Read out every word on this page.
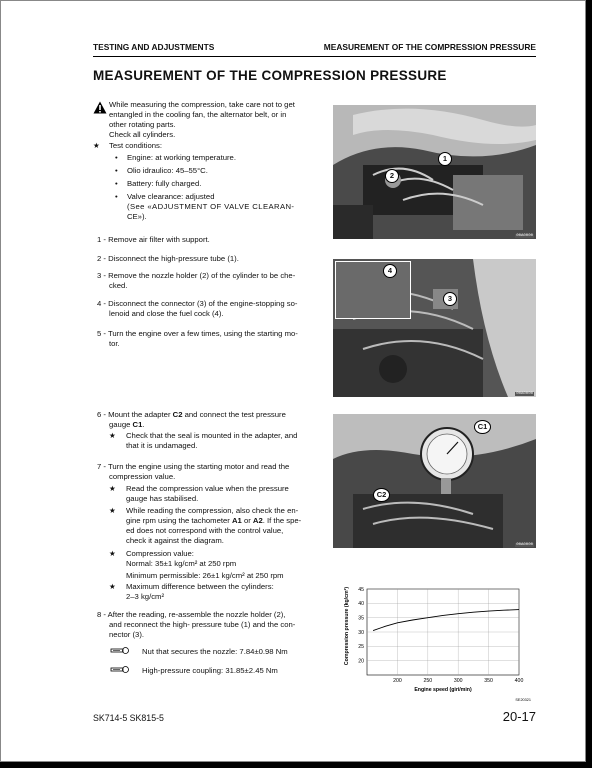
TESTING AND ADJUSTMENTS	MEASUREMENT OF THE COMPRESSION PRESSURE
MEASUREMENT OF THE COMPRESSION PRESSURE
While measuring the compression, take care not to get
entangled in the cooling fan, the alternator belt, or in
other rotating parts.
Check all cylinders.
★ Test conditions:
• Engine: at working temperature.
• Olio idraulico: 45–55°C.
• Battery: fully charged.
• Valve clearance: adjusted
(See «ADJUSTMENT OF VALVE CLEARAN-
CE»).
1 - Remove air filter with support.
2 - Disconnect the high-pressure tube (1).
3 - Remove the nozzle holder (2) of the cylinder to be che-
cked.
4 - Disconnect the connector (3) of the engine-stopping so-
lenoid and close the fuel cock (4).
5 - Turn the engine over a few times, using the starting mo-
tor.
6 - Mount the adapter C2 and connect the test pressure
gauge C1.
★ Check that the seal is mounted in the adapter, and
that it is undamaged.
7 - Turn the engine using the starting motor and read the
compression value.
★ Read the compression value when the pressure
gauge has stabilised.
★ While reading the compression, also check the en-
gine rpm using the tachometer A1 or A2. If the spe-
ed does not correspond with the control value,
check it against the diagram.
★ Compression value:
Normal: 35±1 kg/cm² at 250 rpm
Minimum permissible: 26±1 kg/cm² at 250 rpm
★ Maximum difference between the cylinders:
2–3 kg/cm²
8 - After the reading, re-assemble the nozzle holder (2),
and reconnect the high- pressure tube (1) and the con-
nector (3).
Nut that secures the nozzle: 7.84±0.98 Nm
High-pressure coupling: 31.85±2.45 Nm
00A0000
1
2
00A0000
4
3
00A0000
C1
C2
Compression pressure (kg/cm²) 20
25
30
35
40
45
200	250	300	350	400
Engine speed (giri/min)
SE20321
SK714-5 SK815-5	20-17
